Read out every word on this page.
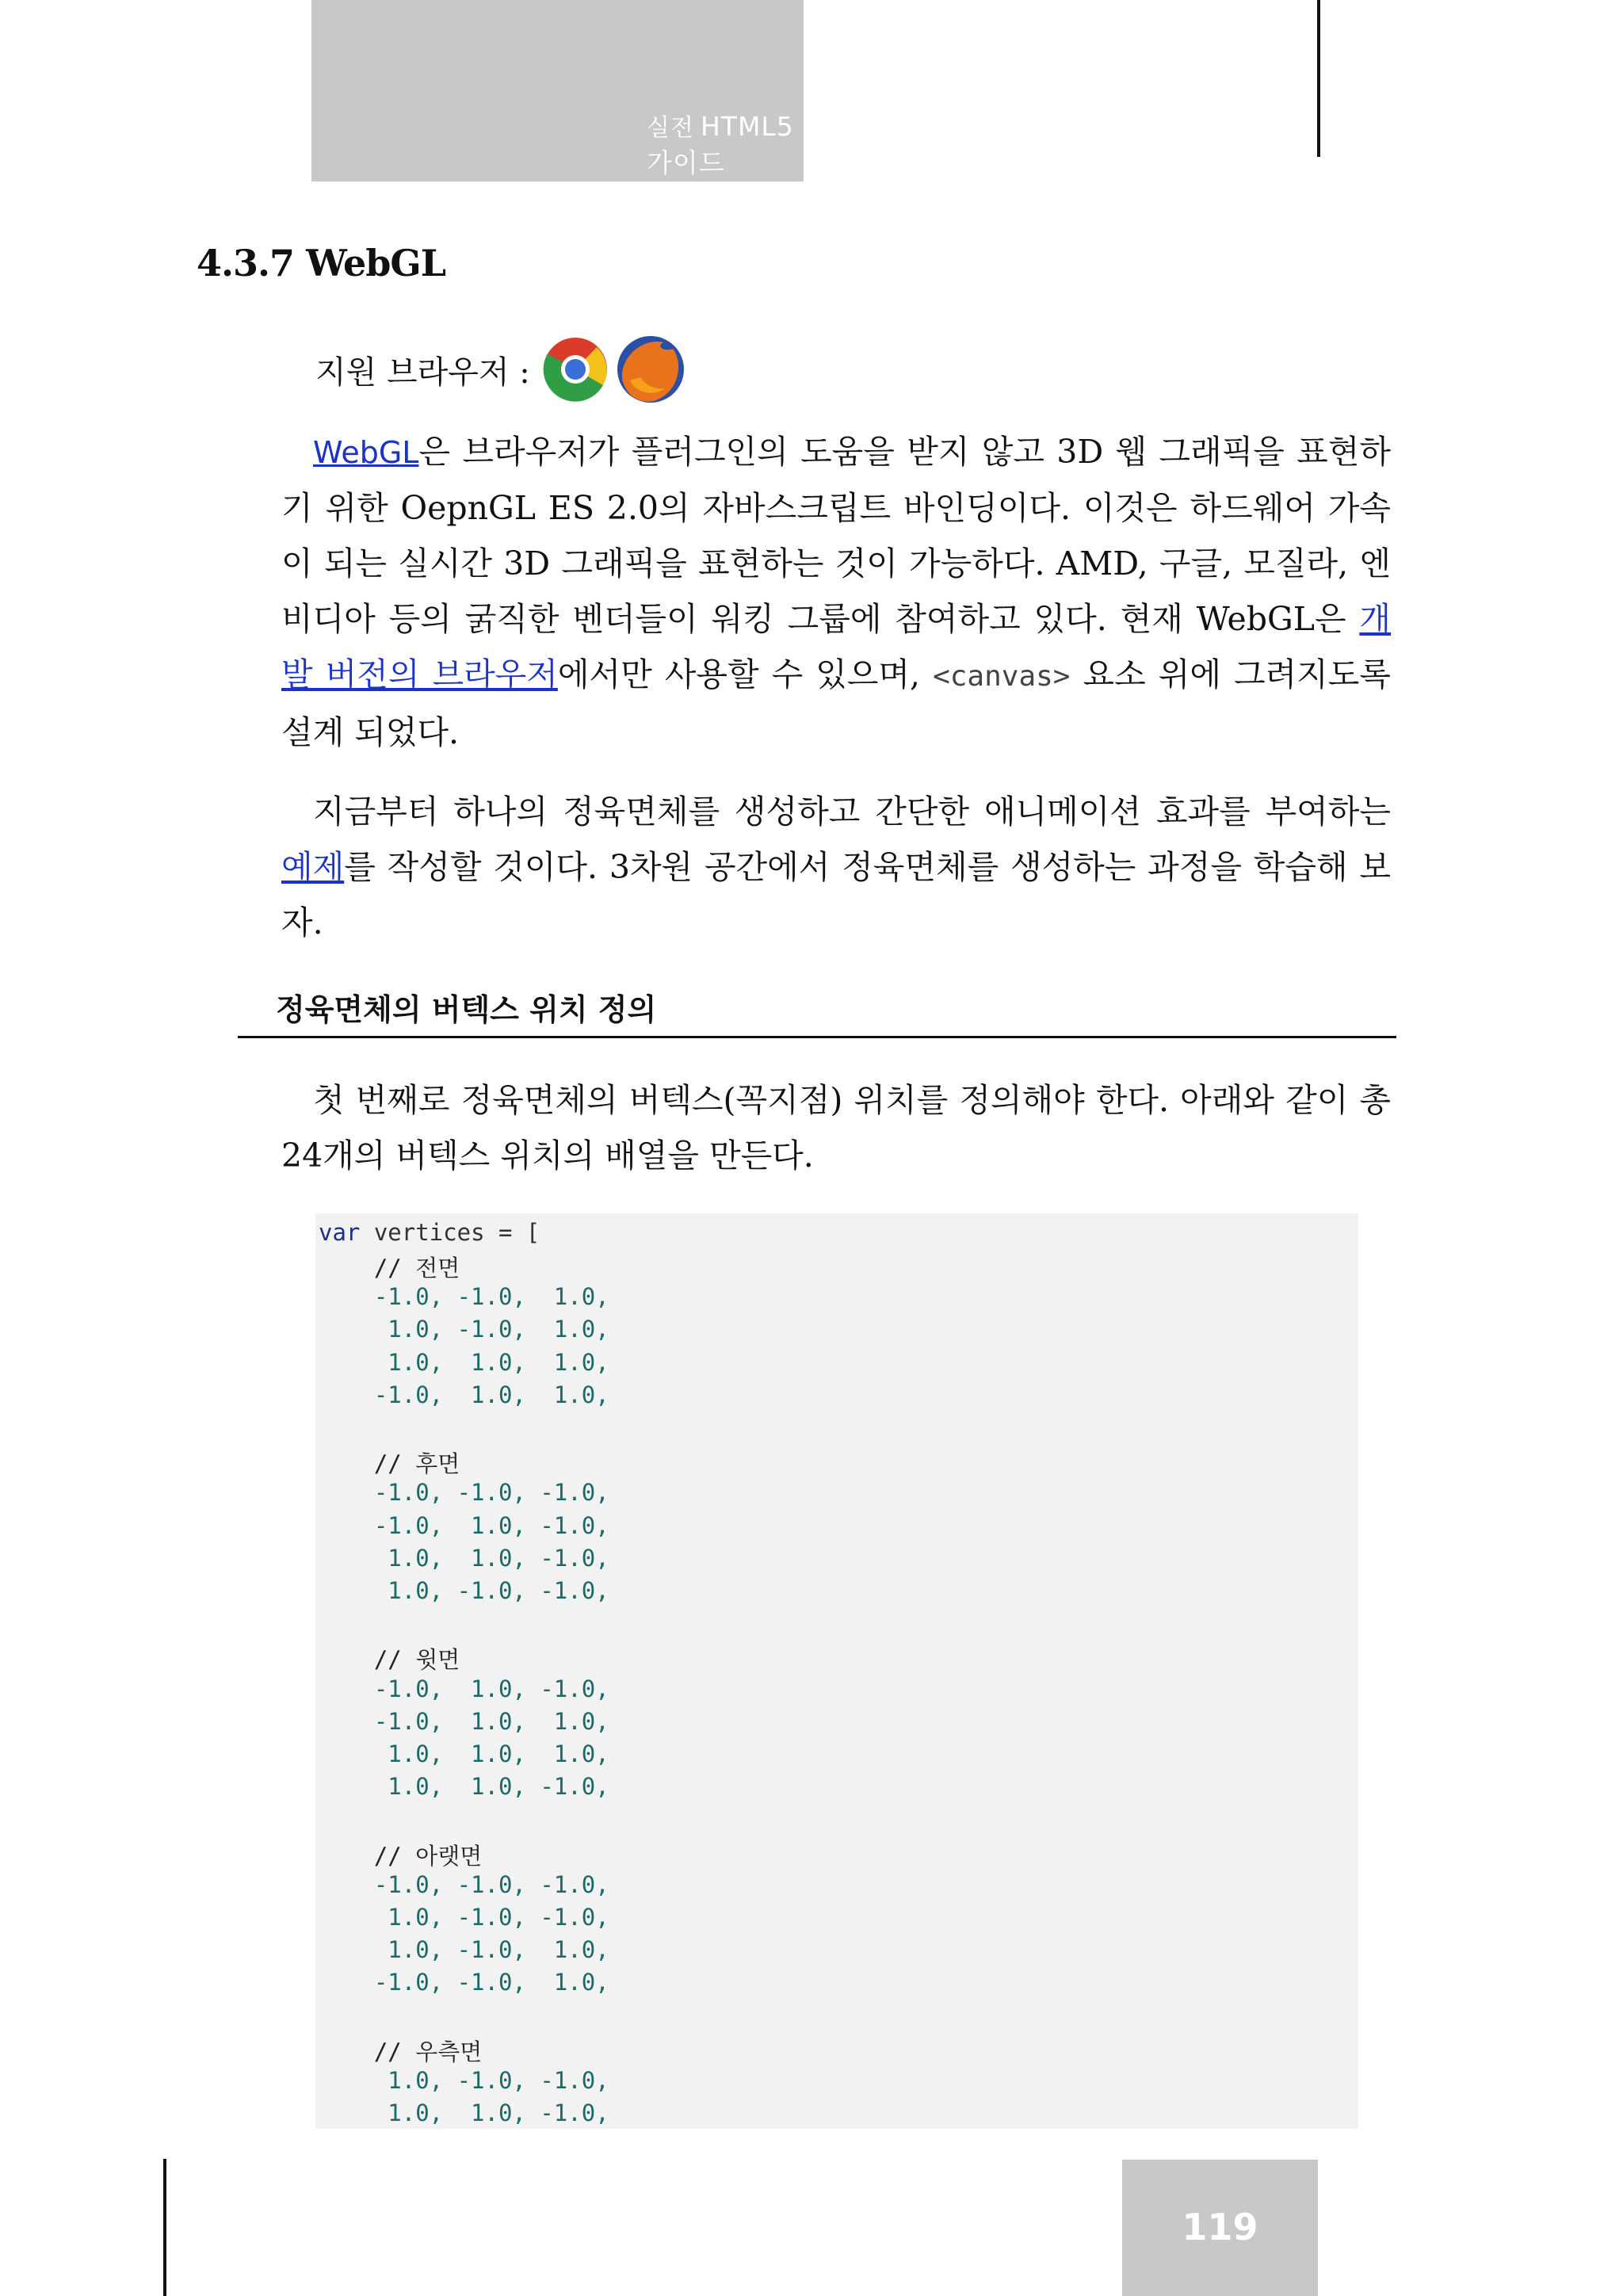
실전 HTML5 가이드
4.3.7 WebGL
지원 브라우저 :
WebGL은 브라우저가 플러그인의 도움을 받지 않고 3D 웹 그래픽을 표현하기 위한 OepnGL ES 2.0의 자바스크립트 바인딩이다. 이것은 하드웨어 가속이 되는 실시간 3D 그래픽을 표현하는 것이 가능하다. AMD, 구글, 모질라, 엔비디아 등의 굵직한 벤더들이 워킹 그룹에 참여하고 있다. 현재 WebGL은 개발 버전의 브라우저에서만 사용할 수 있으며, <canvas> 요소 위에 그려지도록 설계 되었다.
지금부터 하나의 정육면체를 생성하고 간단한 애니메이션 효과를 부여하는 예제를 작성할 것이다. 3차원 공간에서 정육면체를 생성하는 과정을 학습해 보자.
정육면체의 버텍스 위치 정의
첫 번째로 정육면체의 버텍스(꼭지점) 위치를 정의해야 한다. 아래와 같이 총 24개의 버텍스 위치의 배열을 만든다.
var vertices = [
// 전면
-1.0, -1.0,  1.0,
1.0, -1.0,  1.0,
1.0,  1.0,  1.0,
-1.0,  1.0,  1.0,
// 후면
-1.0, -1.0, -1.0,
-1.0,  1.0, -1.0,
1.0,  1.0, -1.0,
1.0, -1.0, -1.0,
// 윗면
-1.0,  1.0, -1.0,
-1.0,  1.0,  1.0,
1.0,  1.0,  1.0,
1.0,  1.0, -1.0,
// 아랫면
-1.0, -1.0, -1.0,
1.0, -1.0, -1.0,
1.0, -1.0,  1.0,
-1.0, -1.0,  1.0,
// 우측면
1.0, -1.0, -1.0,
1.0,  1.0, -1.0,
119
